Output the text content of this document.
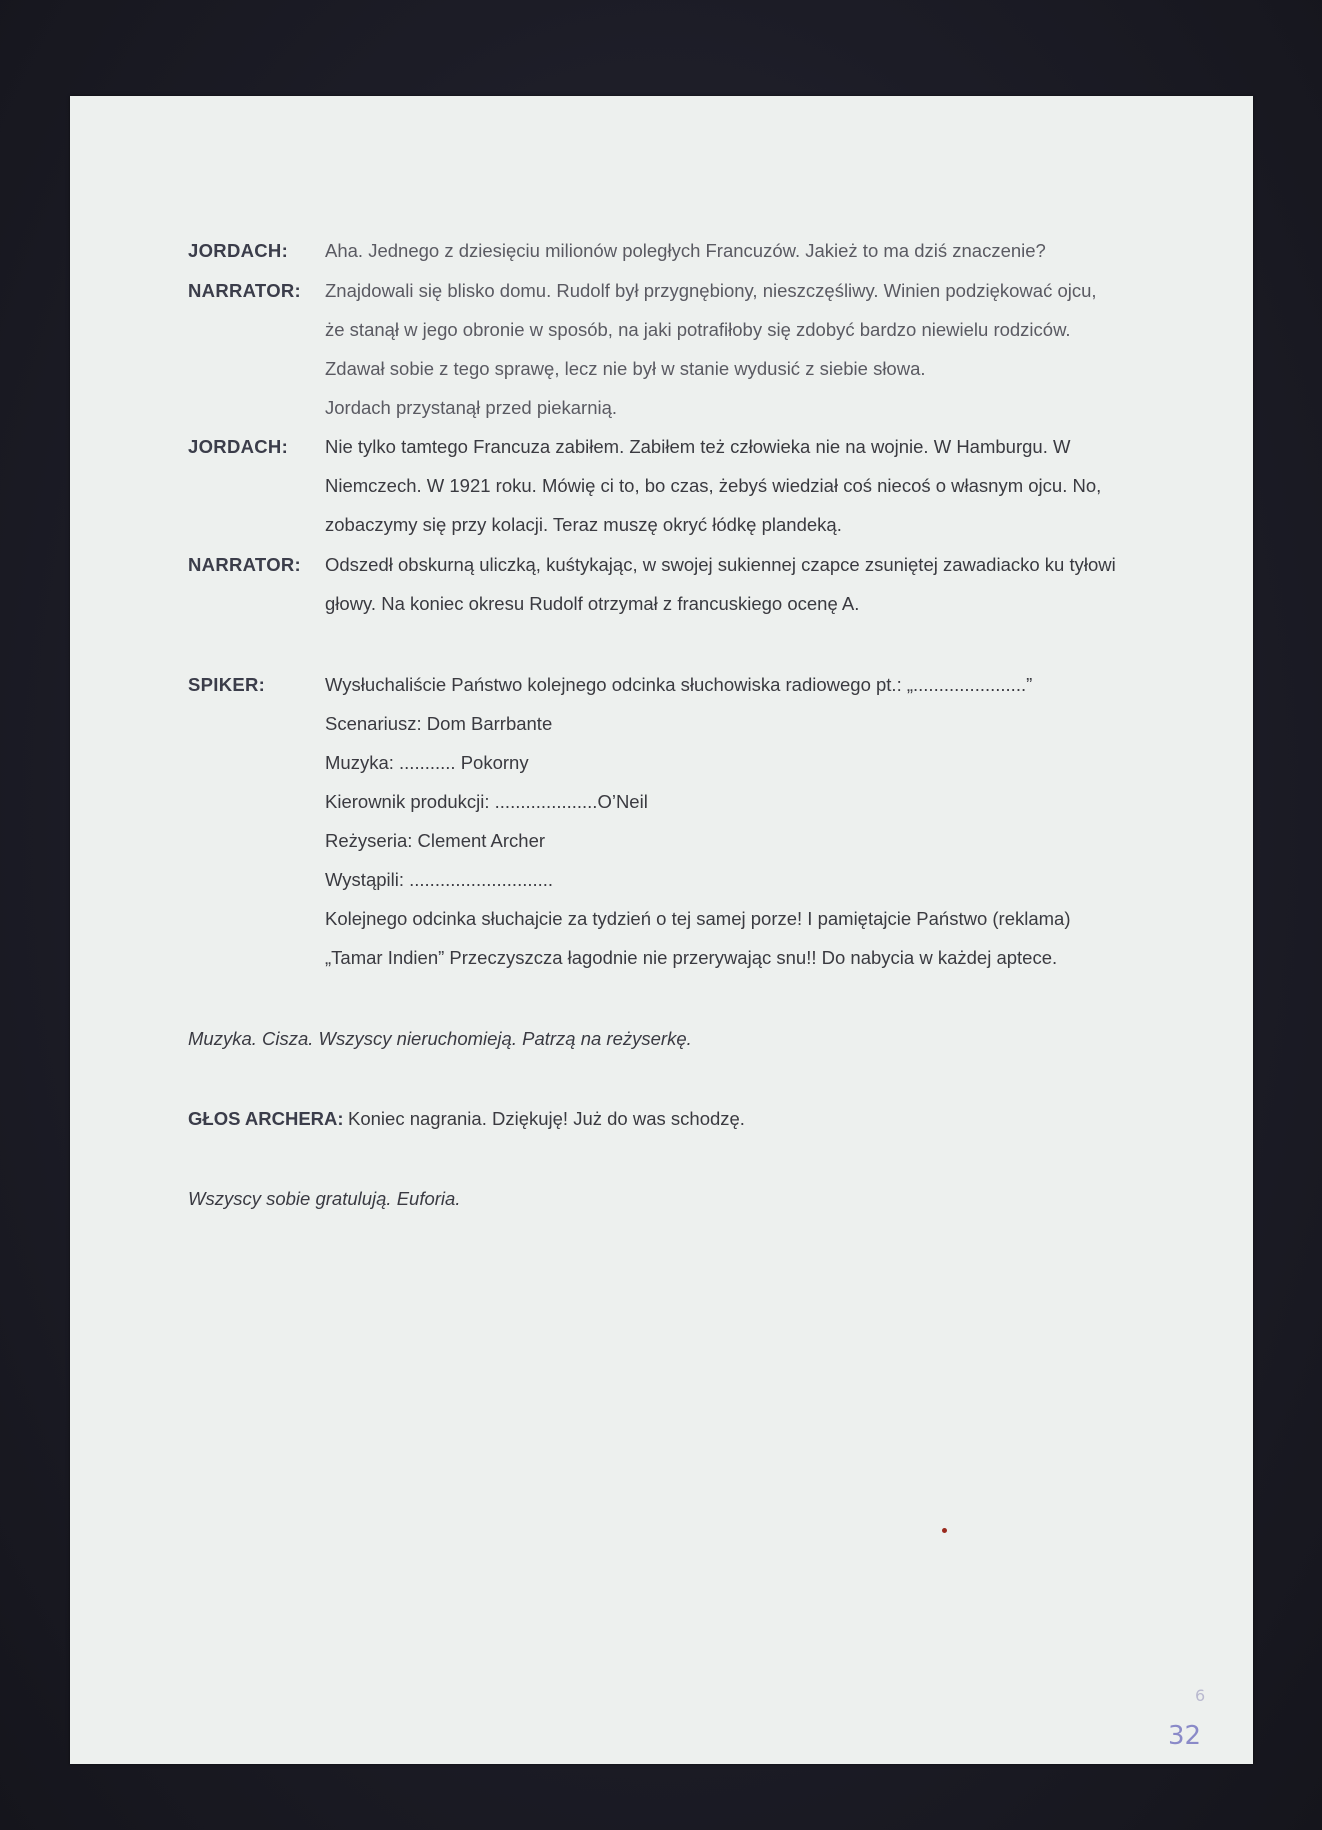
JORDACH: Aha. Jednego z dziesięciu milionów poległych Francuzów. Jakież to ma dziś znaczenie?
NARRATOR: Znajdowali się blisko domu. Rudolf był przygnębiony, nieszczęśliwy. Winien podziękować ojcu,
że stanął w jego obronie w sposób, na jaki potrafiłoby się zdobyć bardzo niewielu rodziców.
Zdawał sobie z tego sprawę, lecz nie był w stanie wydusić z siebie słowa.
Jordach przystanął przed piekarnią.
JORDACH: Nie tylko tamtego Francuza zabiłem. Zabiłem też człowieka nie na wojnie. W Hamburgu. W
Niemczech. W 1921 roku. Mówię ci to, bo czas, żebyś wiedział coś niecoś o własnym ojcu. No,
zobaczymy się przy kolacji. Teraz muszę okryć łódkę plandeką.
NARRATOR: Odszedł obskurną uliczką, kuśtykając, w swojej sukiennej czapce zsuniętej zawadiacko ku tyłowi
głowy. Na koniec okresu Rudolf otrzymał z francuskiego ocenę A.
SPIKER:	Wysłuchaliście Państwo kolejnego odcinka słuchowiska radiowego pt.: „......................”
Scenariusz: Dom Barrbante
Muzyka: ........... Pokorny
Kierownik produkcji: ....................O’Neil
Reżyseria: Clement Archer
Wystąpili: ............................
Kolejnego odcinka słuchajcie za tydzień o tej samej porze! I pamiętajcie Państwo (reklama)
„Tamar Indien” Przeczyszcza łagodnie nie przerywając snu!! Do nabycia w każdej aptece.
Muzyka. Cisza. Wszyscy nieruchomieją. Patrzą na reżyserkę.
GŁOS ARCHERA: Koniec nagrania. Dziękuję! Już do was schodzę.
Wszyscy sobie gratulują. Euforia.
6
32
